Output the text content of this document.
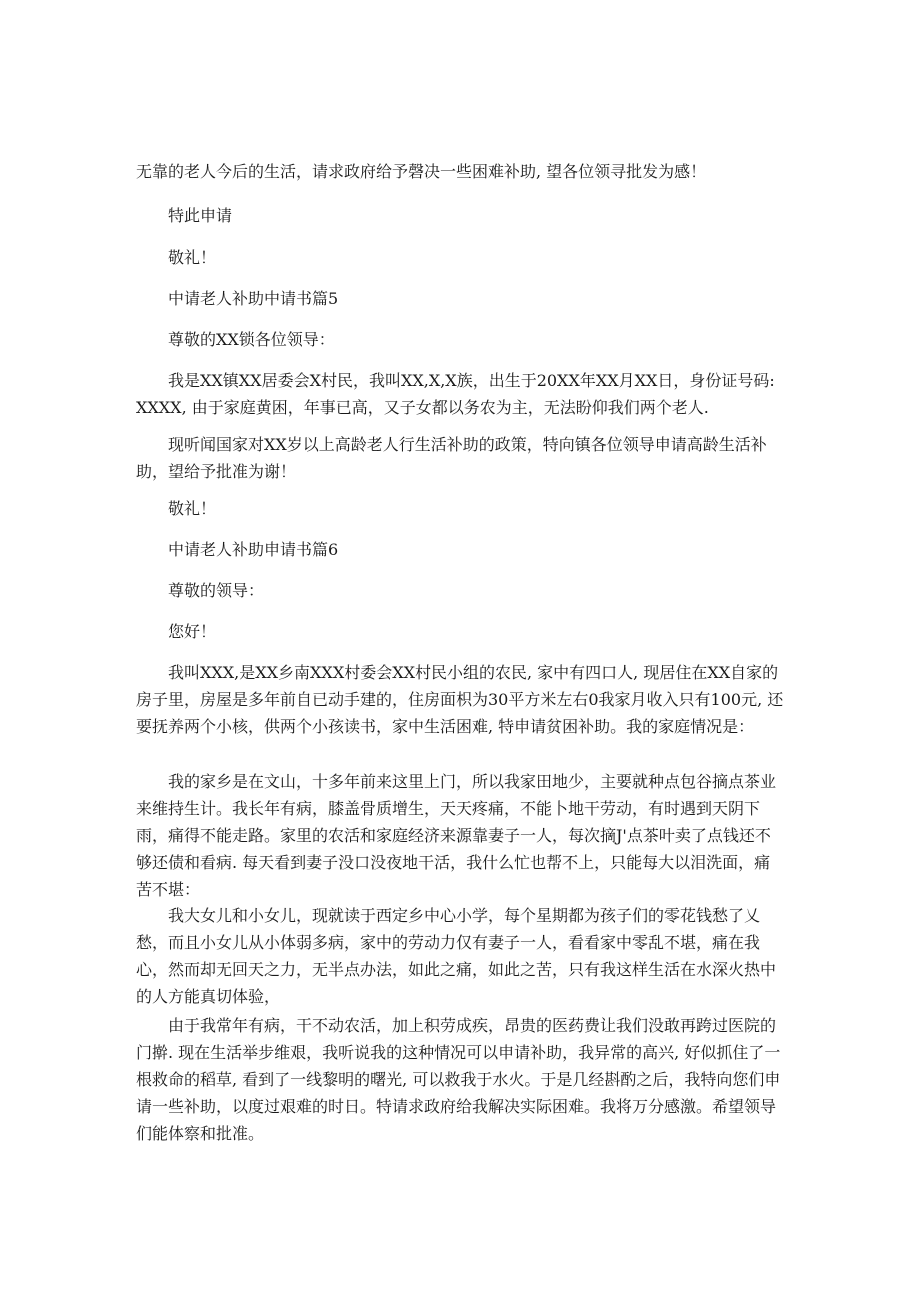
无靠的老人今后的生活，请求政府给予磬决一些困难补助, 望各位领寻批发为感！

特此申请

敬礼！

中请老人补助中请书篇5

尊敬的XX锁各位领导：

我是XX镇XX居委会X村民，我叫XX,X,X族，出生于20XX年XX月XX日，身份证号码: XXXX, 由于家庭黄困，年事已高，又子女都以务农为主，无法盼仰我们两个老人.

现听闻国家对XX岁以上高龄老人行生活补助的政策，特向镇各位领导申请高龄生活补助，望给予批准为谢！

敬礼！

中请老人补助申请书篇6

尊敬的领导：

您好！

我叫XXX,是XX乡南XXX村委会XX村民小组的农民, 家中有四口人, 现居住在XX自家的房子里，房屋是多年前自已动手建的，住房面枳为30平方米左右0我家月收入只有100元, 还要抚养两个小核，供两个小孩读书，家中生活困难, 特申请贫困补助。我的家庭情况是：

我的家乡是在文山，十多年前来这里上门，所以我家田地少，主要就种点包谷摘点茶业来维持生计。我长年有病，膝盖骨质增生，天天疼痛，不能卜地干劳动，有时遇到天阴下雨，痛得不能走路。家里的农活和家庭经济来源靠妻子一人，每次摘J'点茶叶卖了点钱还不够还债和看病. 每天看到妻子没口没夜地干活，我什么忙也帮不上，只能每大以泪洗面，痛苦不堪：

我大女儿和小女儿，现就读于西定乡中心小学，每个星期都为孩子们的零花钱愁了乂愁，而且小女儿从小体弱多病，家中的劳动力仅有妻子一人，看看家中零乱不堪，痛在我心，然而却无回天之力，无半点办法，如此之痛，如此之苦，只有我这样生活在水深火热中的人方能真切体验，

由于我常年有病，干不动农活，加上积劳成疾，昂贵的医药费让我们没敢再跨过医院的门擀. 现在生活举步维艰，我听说我的这种情况可以申请补助，我异常的高兴, 好似抓住了一根救命的稻草, 看到了一线黎明的曙光, 可以救我于水火。于是几经斟酌之后，我特向您们申请一些补助，以度过艰难的时日。特请求政府给我解决实际困难。我将万分感激。希望领导们能体察和批准。
